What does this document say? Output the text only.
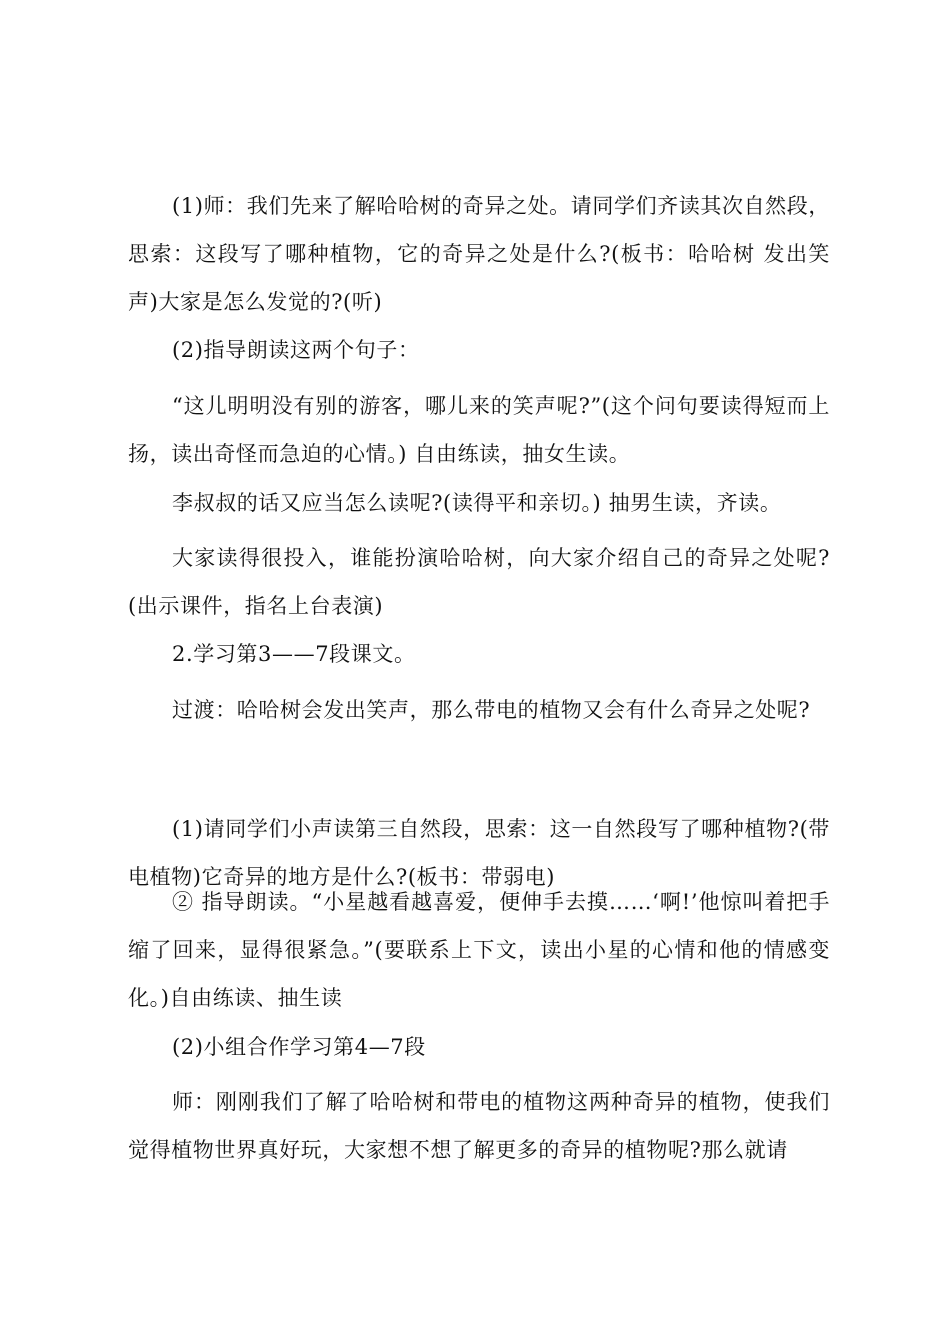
(1)师：我们先来了解哈哈树的奇异之处。请同学们齐读其次自然段，思索：这段写了哪种植物，它的奇异之处是什么?(板书：哈哈树 发出笑声)大家是怎么发觉的?(听)

(2)指导朗读这两个句子：

“这儿明明没有别的游客，哪儿来的笑声呢?”(这个问句要读得短而上扬，读出奇怪而急迫的心情。) 自由练读，抽女生读。

李叔叔的话又应当怎么读呢?(读得平和亲切。) 抽男生读，齐读。

大家读得很投入，谁能扮演哈哈树，向大家介绍自己的奇异之处呢?(出示课件，指名上台表演)

2.学习第3——7段课文。

过渡：哈哈树会发出笑声，那么带电的植物又会有什么奇异之处呢?

(1)请同学们小声读第三自然段，思索：这一自然段写了哪种植物?(带电植物)它奇异的地方是什么?(板书：带弱电)

② 指导朗读。“小星越看越喜爱，便伸手去摸……‘啊!’他惊叫着把手缩了回来，显得很紧急。”(要联系上下文，读出小星的心情和他的情感变化。)自由练读、抽生读

(2)小组合作学习第4—7段

师：刚刚我们了解了哈哈树和带电的植物这两种奇异的植物，使我们觉得植物世界真好玩，大家想不想了解更多的奇异的植物呢?那么就请
